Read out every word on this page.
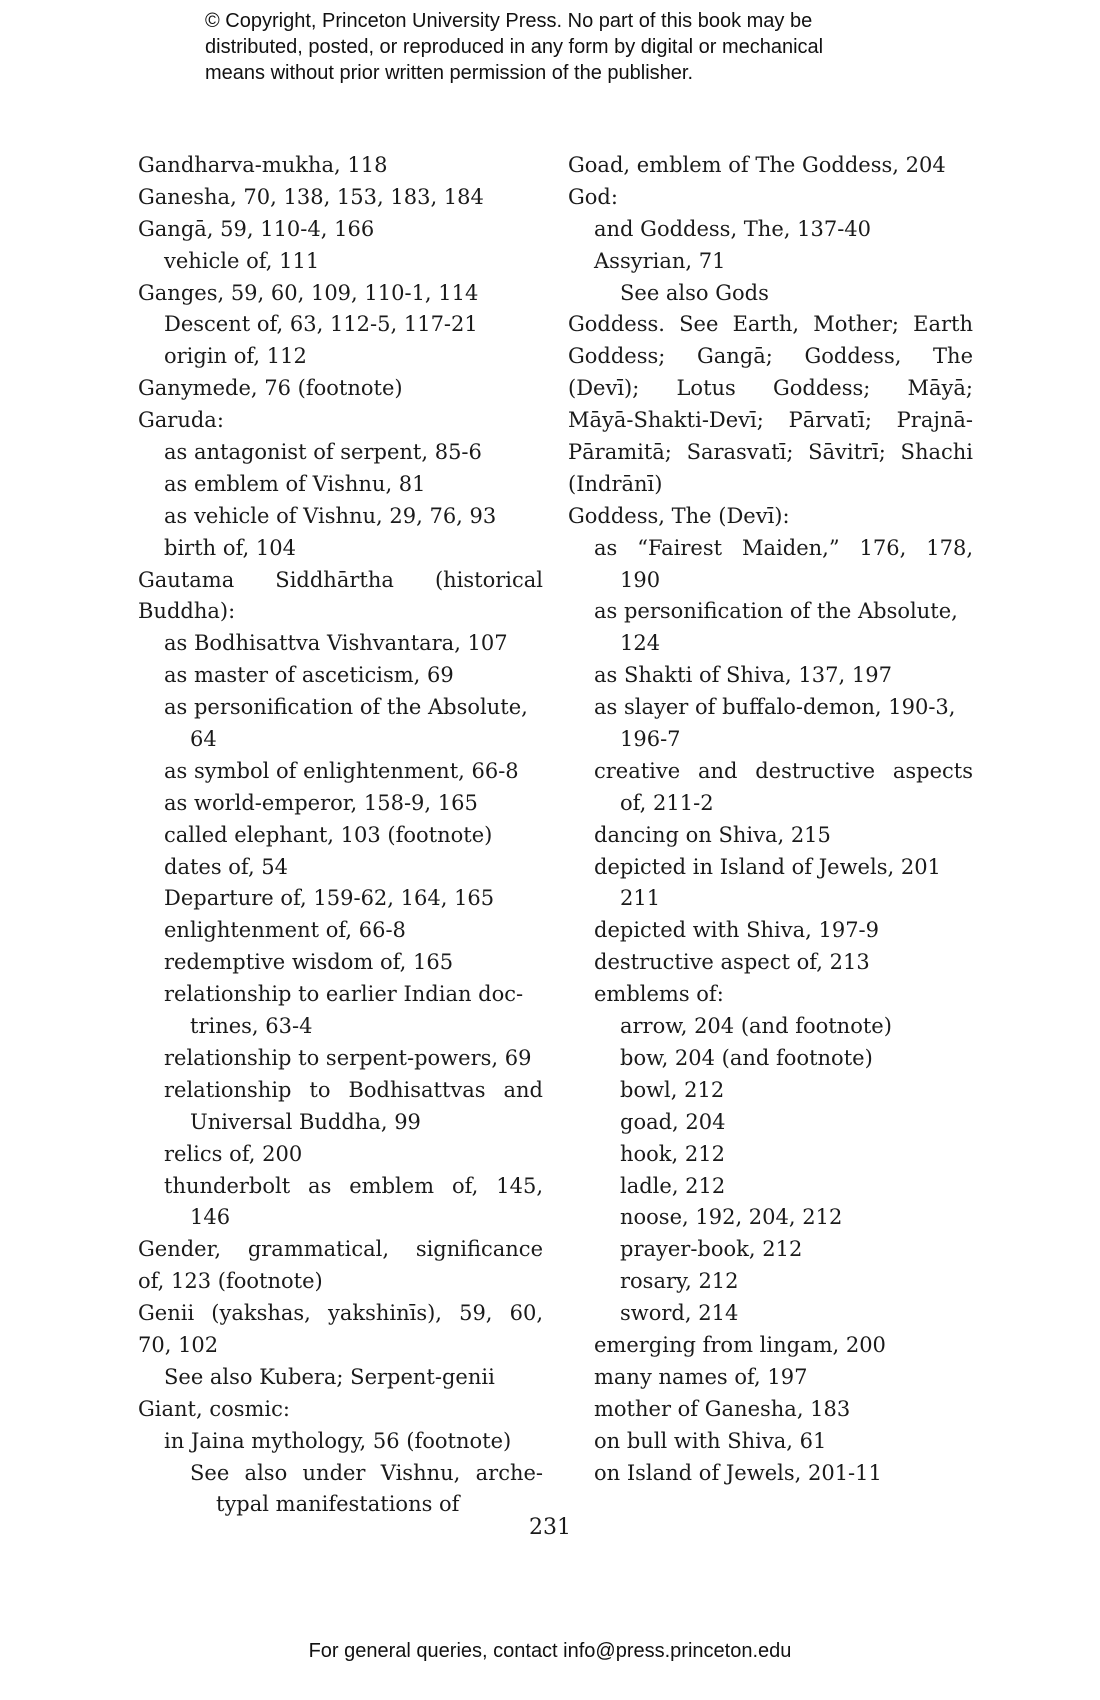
© Copyright, Princeton University Press. No part of this book may be
distributed, posted, or reproduced in any form by digital or mechanical
means without prior written permission of the publisher.
Gandharva-mukha, 118
Ganesha, 70, 138, 153, 183, 184
Gangā, 59, 110-4, 166
vehicle of, 111
Ganges, 59, 60, 109, 110-1, 114
Descent of, 63, 112-5, 117-21
origin of, 112
Ganymede, 76 (footnote)
Garuda:
as antagonist of serpent, 85-6
as emblem of Vishnu, 81
as vehicle of Vishnu, 29, 76, 93
birth of, 104
Gautama Siddhārtha (historical
Buddha):
as Bodhisattva Vishvantara, 107
as master of asceticism, 69
as personification of the Absolute,
64
as symbol of enlightenment, 66-8
as world-emperor, 158-9, 165
called elephant, 103 (footnote)
dates of, 54
Departure of, 159-62, 164, 165
enlightenment of, 66-8
redemptive wisdom of, 165
relationship to earlier Indian doc-
trines, 63-4
relationship to serpent-powers, 69
relationship to Bodhisattvas and
Universal Buddha, 99
relics of, 200
thunderbolt as emblem of, 145,
146
Gender, grammatical, significance
of, 123 (footnote)
Genii (yakshas, yakshinīs), 59, 60,
70, 102
See also Kubera; Serpent-genii
Giant, cosmic:
in Jaina mythology, 56 (footnote)
See also under Vishnu, arche-
typal manifestations of
Goad, emblem of The Goddess, 204
God:
and Goddess, The, 137-40
Assyrian, 71
See also Gods
Goddess. See Earth, Mother; Earth
Goddess; Gangā; Goddess, The
(Devī); Lotus Goddess; Māyā;
Māyā-Shakti-Devī; Pārvatī; Prajnā-
Pāramitā; Sarasvatī; Sāvitrī; Shachi
(Indrānī)
Goddess, The (Devī):
as “Fairest Maiden,” 176, 178,
190
as personification of the Absolute,
124
as Shakti of Shiva, 137, 197
as slayer of buffalo-demon, 190-3,
196-7
creative and destructive aspects
of, 211-2
dancing on Shiva, 215
depicted in Island of Jewels, 201
211
depicted with Shiva, 197-9
destructive aspect of, 213
emblems of:
arrow, 204 (and footnote)
bow, 204 (and footnote)
bowl, 212
goad, 204
hook, 212
ladle, 212
noose, 192, 204, 212
prayer-book, 212
rosary, 212
sword, 214
emerging from lingam, 200
many names of, 197
mother of Ganesha, 183
on bull with Shiva, 61
on Island of Jewels, 201-11
231
For general queries, contact info@press.princeton.edu
